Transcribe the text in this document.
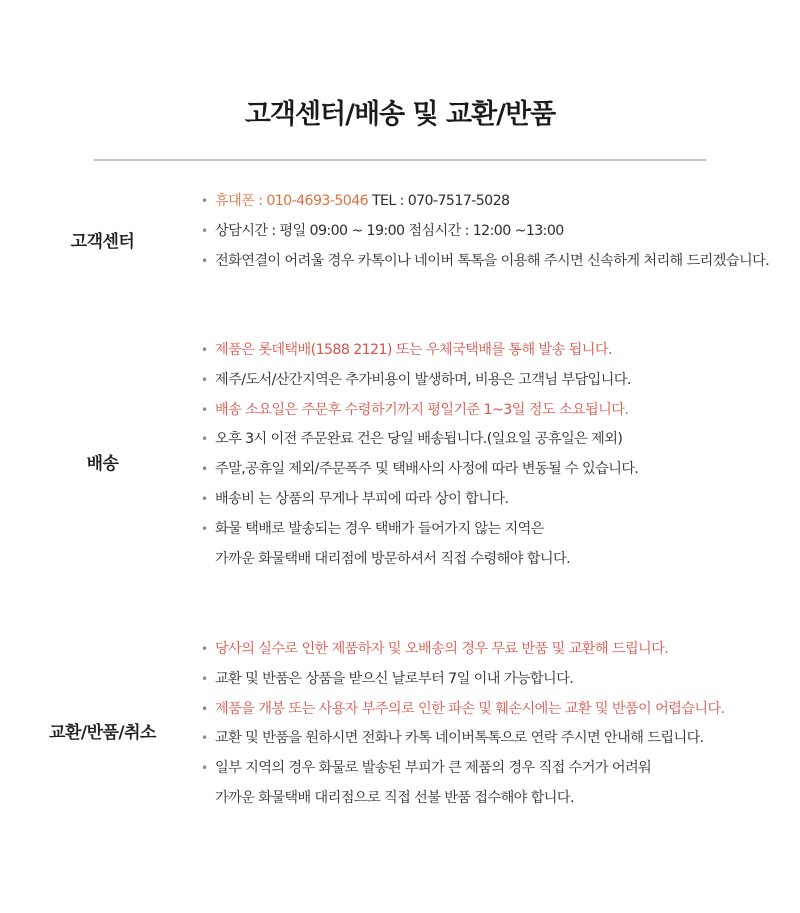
고객센터/배송 및 교환/반품
고객센터
• 휴대폰 : 010-4693-5046 TEL : 070-7517-5028
• 상담시간 : 평일 09:00 ~ 19:00 점심시간 : 12:00 ~13:00
• 전화연결이 어려울 경우 카톡이나 네이버 톡톡을 이용해 주시면 신속하게 처리해 드리겠습니다.
배송
• 제품은 롯데택배(1588 2121) 또는 우체국택배를 통해 발송 됩니다.
• 제주/도서/산간지역은 추가비용이 발생하며, 비용은 고객님 부담입니다.
• 배송 소요일은 주문후 수령하기까지 평일기준 1~3일 정도 소요됩니다.
• 오후 3시 이전 주문완료 건은 당일 배송됩니다.(일요일 공휴일은 제외)
• 주말,공휴일 제외/주문폭주 및 택배사의 사정에 따라 변동될 수 있습니다.
• 배송비 는 상품의 무게나 부피에 따라 상이 합니다.
• 화물 택배로 발송되는 경우 택배가 들어가지 않는 지역은
가까운 화물택배 대리점에 방문하셔서 직접 수령해야 합니다.
교환/반품/취소
• 당사의 실수로 인한 제품하자 및 오배송의 경우 무료 반품 및 교환해 드립니다.
• 교환 및 반품은 상품을 받으신 날로부터 7일 이내 가능합니다.
• 제품을 개봉 또는 사용자 부주의로 인한 파손 및 훼손시에는 교환 및 반품이 어렵습니다.
• 교환 및 반품을 원하시면 전화나 카톡 네이버톡톡으로 연락 주시면 안내해 드립니다.
• 일부 지역의 경우 화물로 발송된 부피가 큰 제품의 경우 직접 수거가 어려워
가까운 화물택배 대리점으로 직접 선불 반품 접수해야 합니다.
